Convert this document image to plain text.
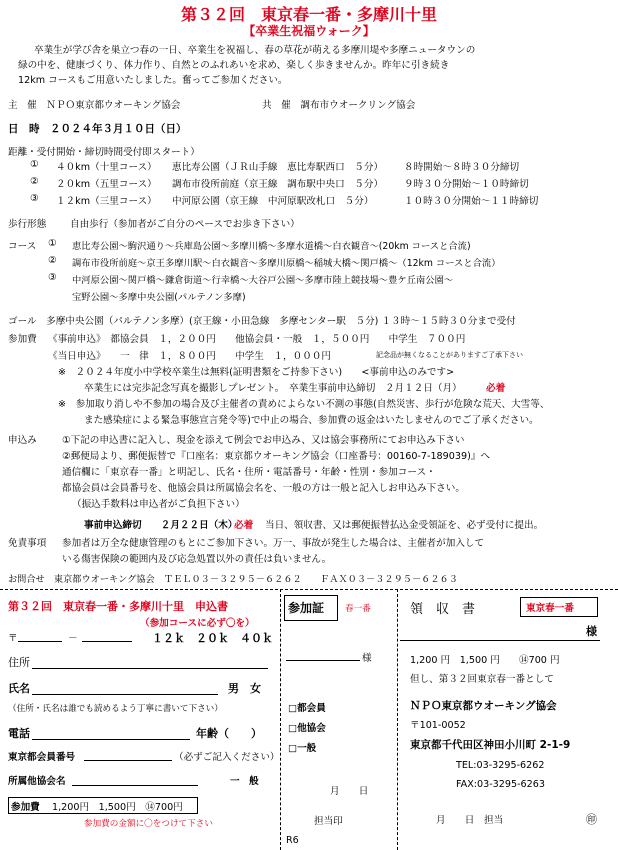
第３２回　東京春一番・多摩川十里
【卒業生祝福ウォーク】
卒業生が学び舎を巣立つ春の一日、卒業生を祝福し、春の草花が萌える多摩川堤や多摩ニュータウンの
緑の中を、健康づくり、体力作り、自然とのふれあいを求め、楽しく歩きませんか。昨年に引き続き
12km コースもご用意いたしました。奮ってご参加ください。
主　催　ＮＰＯ東京都ウオーキング協会	共　催　調布市ウオークリング協会
日　時　２０２４年３月１０日（日）
距離・受付開始・締切時間受付即スタート）
① ４０km（十里コース） 恵比寿公園（ＪＲ山手線　恵比寿駅西口　５分） ８時開始～８時３０分締切
② ２０km（五里コース） 調布市役所前庭（京王線　調布駅中央口　５分） ９時３０分開始～１０時締切
③ １２km（三里コース） 中河原公園（京王線　中河原駅改札口　５分）	１０時３０分開始～１１時締切
歩行形態 自由歩行（参加者がご自分のペースでお歩き下さい）
コース ① 恵比寿公園～駒沢通り～兵庫島公園～多摩川橋～多摩水道橋～白衣観音～(20km コースと合流)
② 調布市役所前庭～京王多摩川駅～白衣観音～多摩川原橋～稲城大橋～関戸橋～（12km コースと合流）
③ 中河原公園～関戸橋～鎌倉街道～行幸橋～大谷戸公園～多摩市陸上競技場～豊ケ丘南公園～
宝野公園～多摩中央公園(パルテノン多摩)
ゴール　多摩中央公園（パルテノン多摩）(京王線・小田急線　多摩センター駅　５分) １３時～１５時３０分まで受付
参加費 《事前申込》　都協会員　１，２００円　　他協会員・一般　１，５００円　　中学生　７００円
《当日申込》　　一　律　１，８００円　　中学生　１，０００円	記念品が無くなることがありますご了承下さい
※　２０２４年度小中学校卒業生は無料(証明書類をご持参下さい)　　<事前申込のみです>
卒業生には完歩記念写真を撮影しプレゼント。　卒業生事前申込締切　２月１２日（月）	必着
※　参加取り消しや不参加の場合及び主催者の責めによらない不測の事態(自然災害、歩行が危険な荒天、大雪等、
また感染症による緊急事態宣言発令等)で中止の場合、参加費の返金はいたしませんのでご了承ください。
申込み	①下記の申込書に記入し、現金を添えて例会でお申込み、又は協会事務所にてお申込み下さい
②郵便局より、郵便振替で『口座名：東京都ウオーキング協会（口座番号：00160-7-189039)』へ
通信欄に「東京春一番」と明記し、氏名・住所・電話番号・年齢・性別・参加コース・
都協会員は会員番号を、他協会員は所属協会名を、一般の方は一般と記入しお申込み下さい。
（振込手数料は申込者がご負担下さい）
事前申込締切　　２月２２日（木）
必着 当日、領収書、又は郵便振替払込金受領証を、必ず受付に提出。
免責事項 参加者は万全な健康管理のもとにご参加下さい。万一、事故が発生した場合は、主催者が加入して
いる傷害保険の範囲内及び応急処置以外の責任は負いません。
お問合せ　東京都ウオーキング協会　ＴＥＬ０３－３２９５－６２６２　　ＦＡＸ０３－３２９５－６２６３
第３２回　東京春一番・多摩川十里　申込書
（参加コースに必ず〇を）
〒	－	１２ｋ　２０ｋ　４０ｋ
住所
氏名	男　女
（住所・氏名は誰でも読めるよう丁寧に書いて下さい）
電話	年齢（　　）
東京都会員番号	（必ずご記入ください）
所属他協会名	一　般
参加費 1,200円　1,500円　⑭700円
参加費の金額に〇をつけて下さい
参加証 春一番
様
□都会員
□他協会
□一般
月　　日
担当印
R6
領　収　書	東京春一番
様
1,200 円　1,500 円　　⑭700 円
但し、第３２回東京春一番として
ＮＰＯ東京都ウオーキング協会
〒101-0052
東京都千代田区神田小川町 2-1-9
TEL:03-3295-6262
FAX:03-3295-6263
月　　日　担当	㊞
